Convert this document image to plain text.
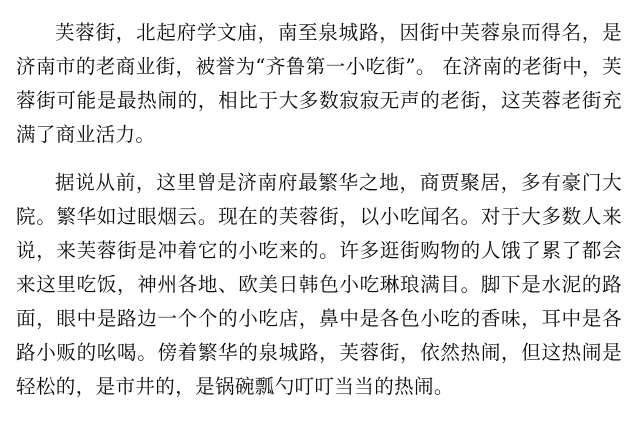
芙蓉街，北起府学文庙，南至泉城路，因街中芙蓉泉而得名，是济南市的老商业街，被誉为“齐鲁第一小吃街”。 在济南的老街中，芙蓉街可能是最热闹的，相比于大多数寂寂无声的老街，这芙蓉老街充满了商业活力。

据说从前，这里曾是济南府最繁华之地，商贾聚居，多有豪门大院。繁华如过眼烟云。现在的芙蓉街，以小吃闻名。对于大多数人来说，来芙蓉街是冲着它的小吃来的。许多逛街购物的人饿了累了都会来这里吃饭，神州各地、欧美日韩色小吃琳琅满目。脚下是水泥的路面，眼中是路边一个个的小吃店，鼻中是各色小吃的香味，耳中是各路小贩的吆喝。傍着繁华的泉城路，芙蓉街，依然热闹，但这热闹是轻松的，是市井的，是锅碗瓢勺叮叮当当的热闹。
